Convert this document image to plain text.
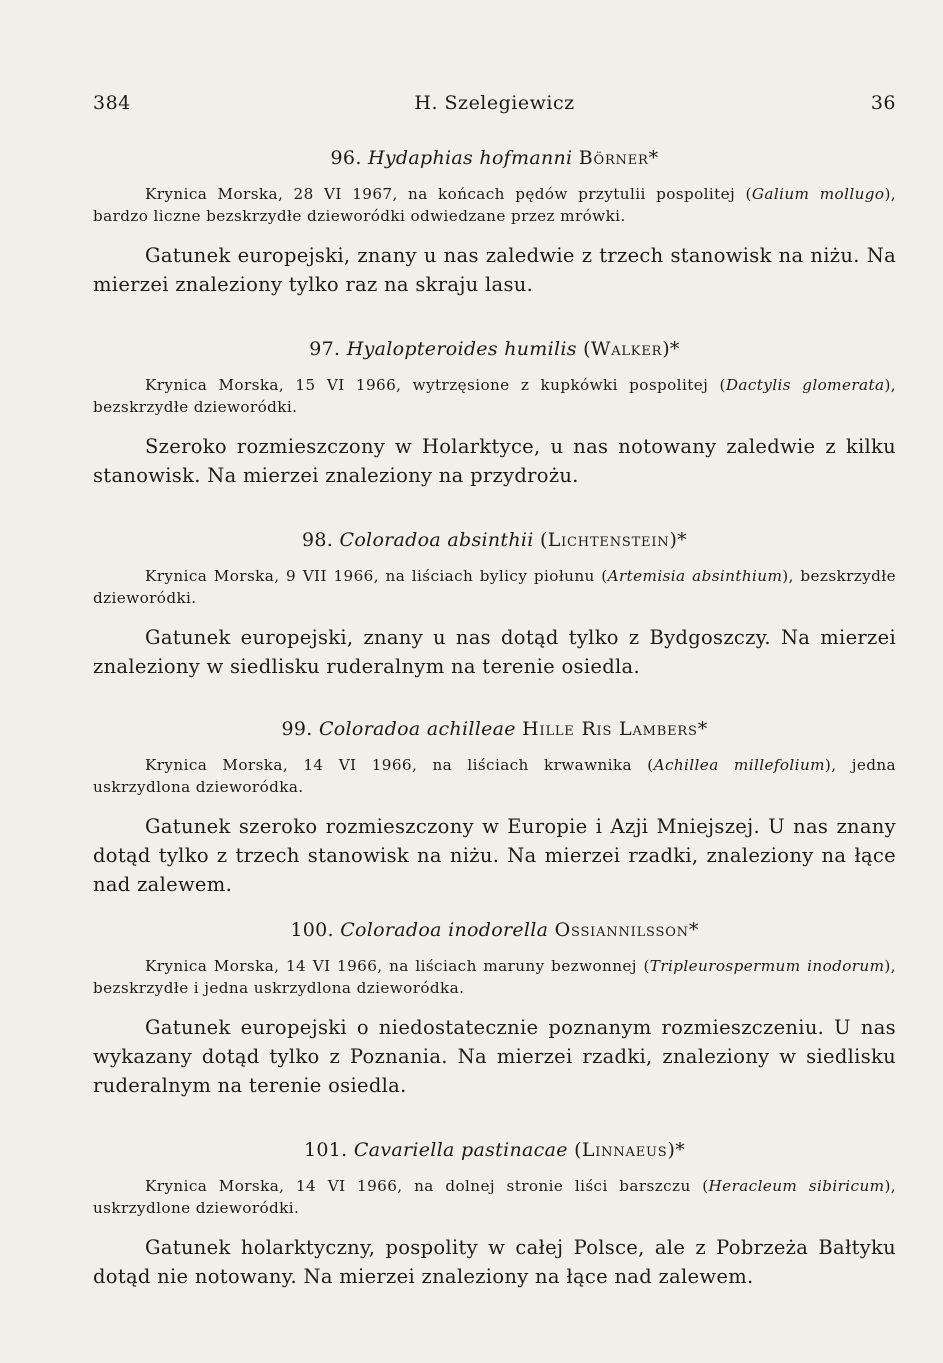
384	H. Szelegiewicz	36
96. Hydaphias hofmanni Börner*
Krynica Morska, 28 VI 1967, na końcach pędów przytulii pospolitej (Galium mollugo), bardzo liczne bezskrzydłe dzieworódki odwiedzane przez mrówki.
Gatunek europejski, znany u nas zaledwie z trzech stanowisk na niżu. Na mierzei znaleziony tylko raz na skraju lasu.
97. Hyalopteroides humilis (Walker)*
Krynica Morska, 15 VI 1966, wytrzęsione z kupkówki pospolitej (Dactylis glomerata), bezskrzydłe dzieworódki.
Szeroko rozmieszczony w Holarktyce, u nas notowany zaledwie z kilku stanowisk. Na mierzei znaleziony na przydrożu.
98. Coloradoa absinthii (Lichtenstein)*
Krynica Morska, 9 VII 1966, na liściach bylicy piołunu (Artemisia absinthium), bezskrzydłe dzieworódki.
Gatunek europejski, znany u nas dotąd tylko z Bydgoszczy. Na mierzei znaleziony w siedlisku ruderalnym na terenie osiedla.
99. Coloradoa achilleae Hille Ris Lambers*
Krynica Morska, 14 VI 1966, na liściach krwawnika (Achillea millefolium), jedna uskrzydlona dzieworódka.
Gatunek szeroko rozmieszczony w Europie i Azji Mniejszej. U nas znany dotąd tylko z trzech stanowisk na niżu. Na mierzei rzadki, znaleziony na łące nad zalewem.
100. Coloradoa inodorella Ossiannilsson*
Krynica Morska, 14 VI 1966, na liściach maruny bezwonnej (Tripleurospermum inodorum), bezskrzydłe i jedna uskrzydlona dzieworódka.
Gatunek europejski o niedostatecznie poznanym rozmieszczeniu. U nas wykazany dotąd tylko z Poznania. Na mierzei rzadki, znaleziony w siedlisku ruderalnym na terenie osiedla.
101. Cavariella pastinacae (Linnaeus)*
Krynica Morska, 14 VI 1966, na dolnej stronie liści barszczu (Heracleum sibiricum), uskrzydlone dzieworódki.
Gatunek holarktyczny, pospolity w całej Polsce, ale z Pobrzeża Bałtyku dotąd nie notowany. Na mierzei znaleziony na łące nad zalewem.
